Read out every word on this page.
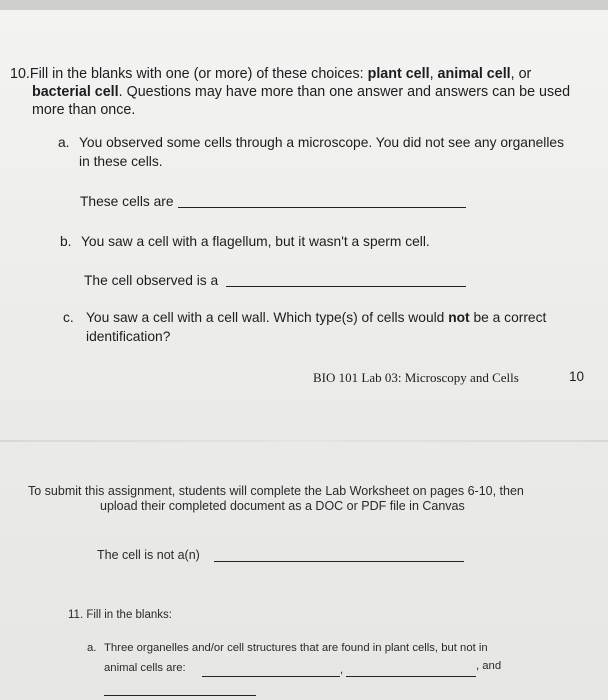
10.Fill in the blanks with one (or more) of these choices: plant cell, animal cell, or
bacterial cell. Questions may have more than one answer and answers can be used
more than once.
a. You observed some cells through a microscope. You did not see any organelles
in these cells.
These cells are
b. You saw a cell with a flagellum, but it wasn't a sperm cell.
The cell observed is a
c. You saw a cell with a cell wall. Which type(s) of cells would not be a correct
identification?
BIO 101 Lab 03: Microscopy and Cells	10
To submit this assignment, students will complete the Lab Worksheet on pages 6-10, then
upload their completed document as a DOC or PDF file in Canvas
The cell is not a(n)
11. Fill in the blanks:
a. Three organelles and/or cell structures that are found in plant cells, but not in
animal cells are:	,	, and
